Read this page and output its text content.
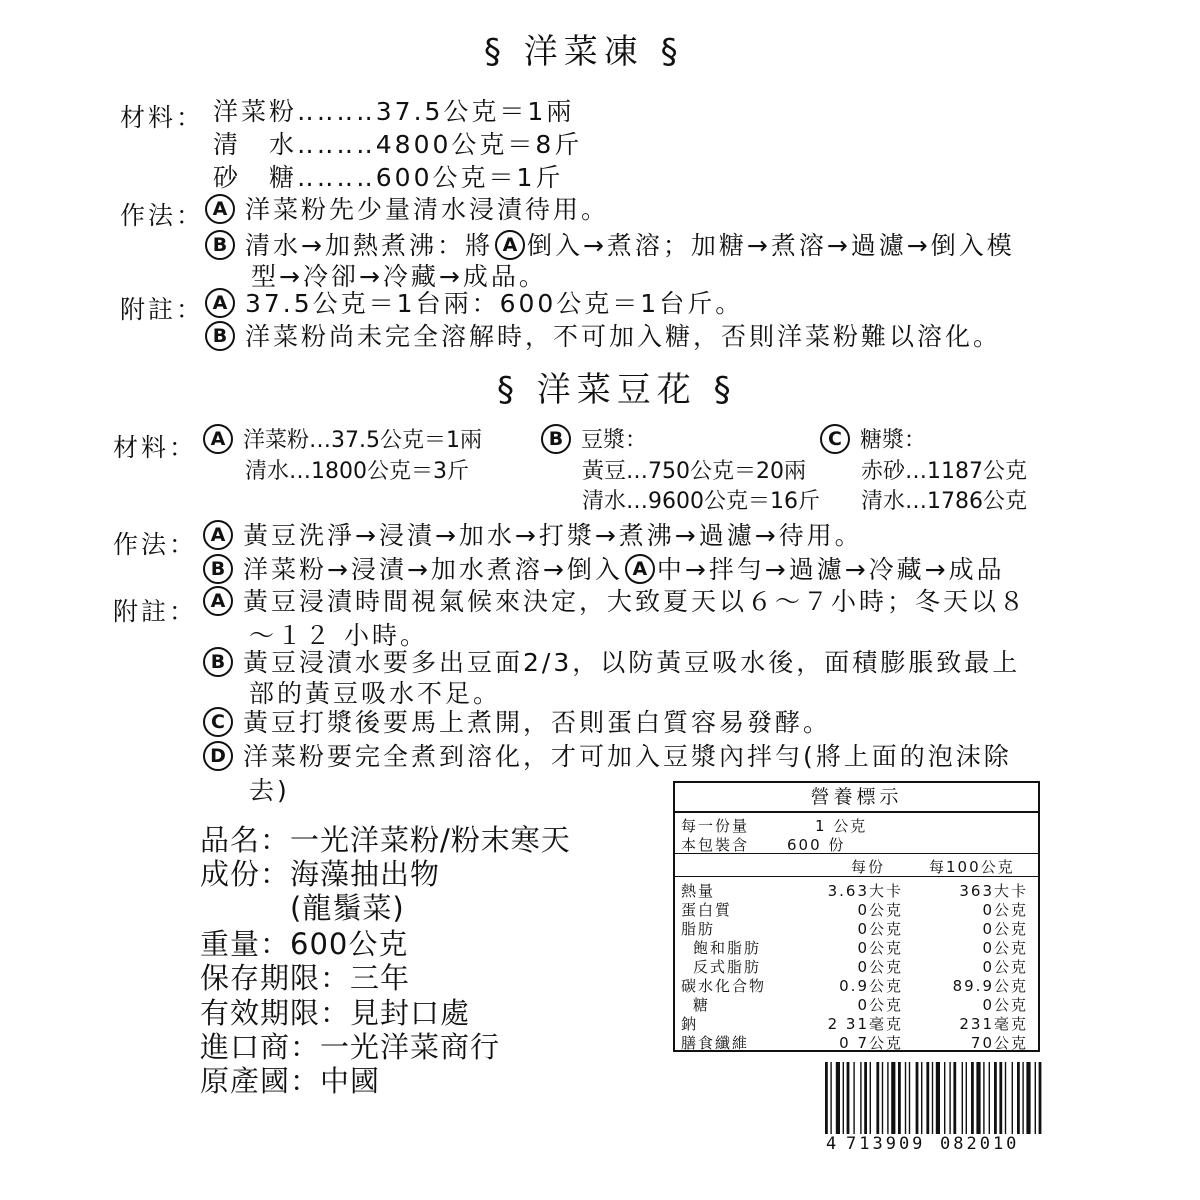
§ 洋菜凍 §
材料： 洋菜粉‥‥‥‥37.5公克＝1兩
清　水‥‥‥‥4800公克＝8斤
砂　糖‥‥‥‥600公克＝1斤
作法： A 洋菜粉先少量清水浸漬待用。
B 清水→加熱煮沸：將 A 倒入→煮溶；加糖→煮溶→過濾→倒入模
型→冷卻→冷藏→成品。
附註： A 37.5公克＝1台兩：600公克＝1台斤。
B 洋菜粉尚未完全溶解時，不可加入糖，否則洋菜粉難以溶化。
§ 洋菜豆花 §
材料： A 洋菜粉…37.5公克＝1兩
清水…1800公克＝3斤
B 豆漿：
黃豆…750公克＝20兩
清水…9600公克＝16斤
C 糖漿：
赤砂…1187公克
清水…1786公克
作法： A 黃豆洗淨→浸漬→加水→打漿→煮沸→過濾→待用。
B 洋菜粉→浸漬→加水煮溶→倒入 A 中→拌勻→過濾→冷藏→成品
附註： A 黃豆浸漬時間視氣候來決定，大致夏天以６～７小時；冬天以８
～１２ 小時。
B 黃豆浸漬水要多出豆面2/3，以防黃豆吸水後，面積膨脹致最上
部的黃豆吸水不足。
C 黃豆打漿後要馬上煮開，否則蛋白質容易發酵。
D 洋菜粉要完全煮到溶化，才可加入豆漿內拌勻(將上面的泡沫除
去)
品名：一光洋菜粉/粉末寒天
成份：海藻抽出物
(龍鬚菜)
重量：600公克
保存期限：三年
有效期限：見封口處
進口商：一光洋菜商行
原產國：中國
營養標示
每一份量	1 公克
本包裝含	600 份
每份	每100公克
熱量	3.63大卡	363大卡
蛋白質	0公克	0公克
脂肪	0公克	0公克
飽和脂肪	0公克	0公克
反式脂肪	0公克	0公克
碳水化合物	0.9公克	89.9公克
糖	0公克	0公克
鈉	2 31毫克	231毫克
膳食纖維	0 7公克	70公克
4 713909 082010
